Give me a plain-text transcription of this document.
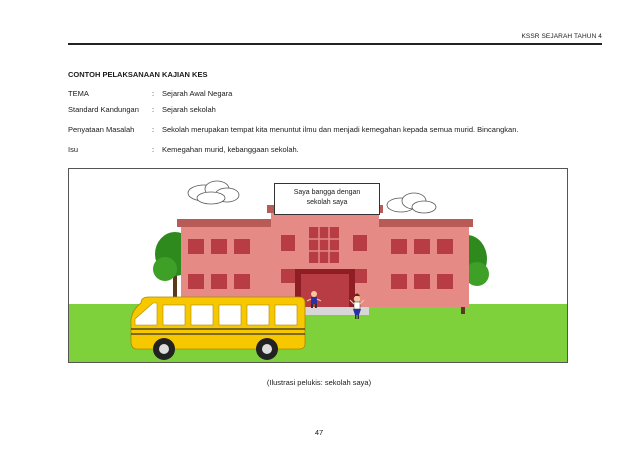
KSSR SEJARAH TAHUN 4
CONTOH PELAKSANAAN KAJIAN KES
TEMA	:	Sejarah Awal Negara
Standard Kandungan	:	Sejarah sekolah
Penyataan Masalah	:	Sekolah merupakan tempat kita menuntut ilmu dan menjadi kemegahan kepada semua murid. Bincangkan.
Isu	:	Kemegahan murid, kebanggaan sekolah.
Saya bangga dengan
sekolah saya
(Ilustrasi pelukis: sekolah saya)
47
